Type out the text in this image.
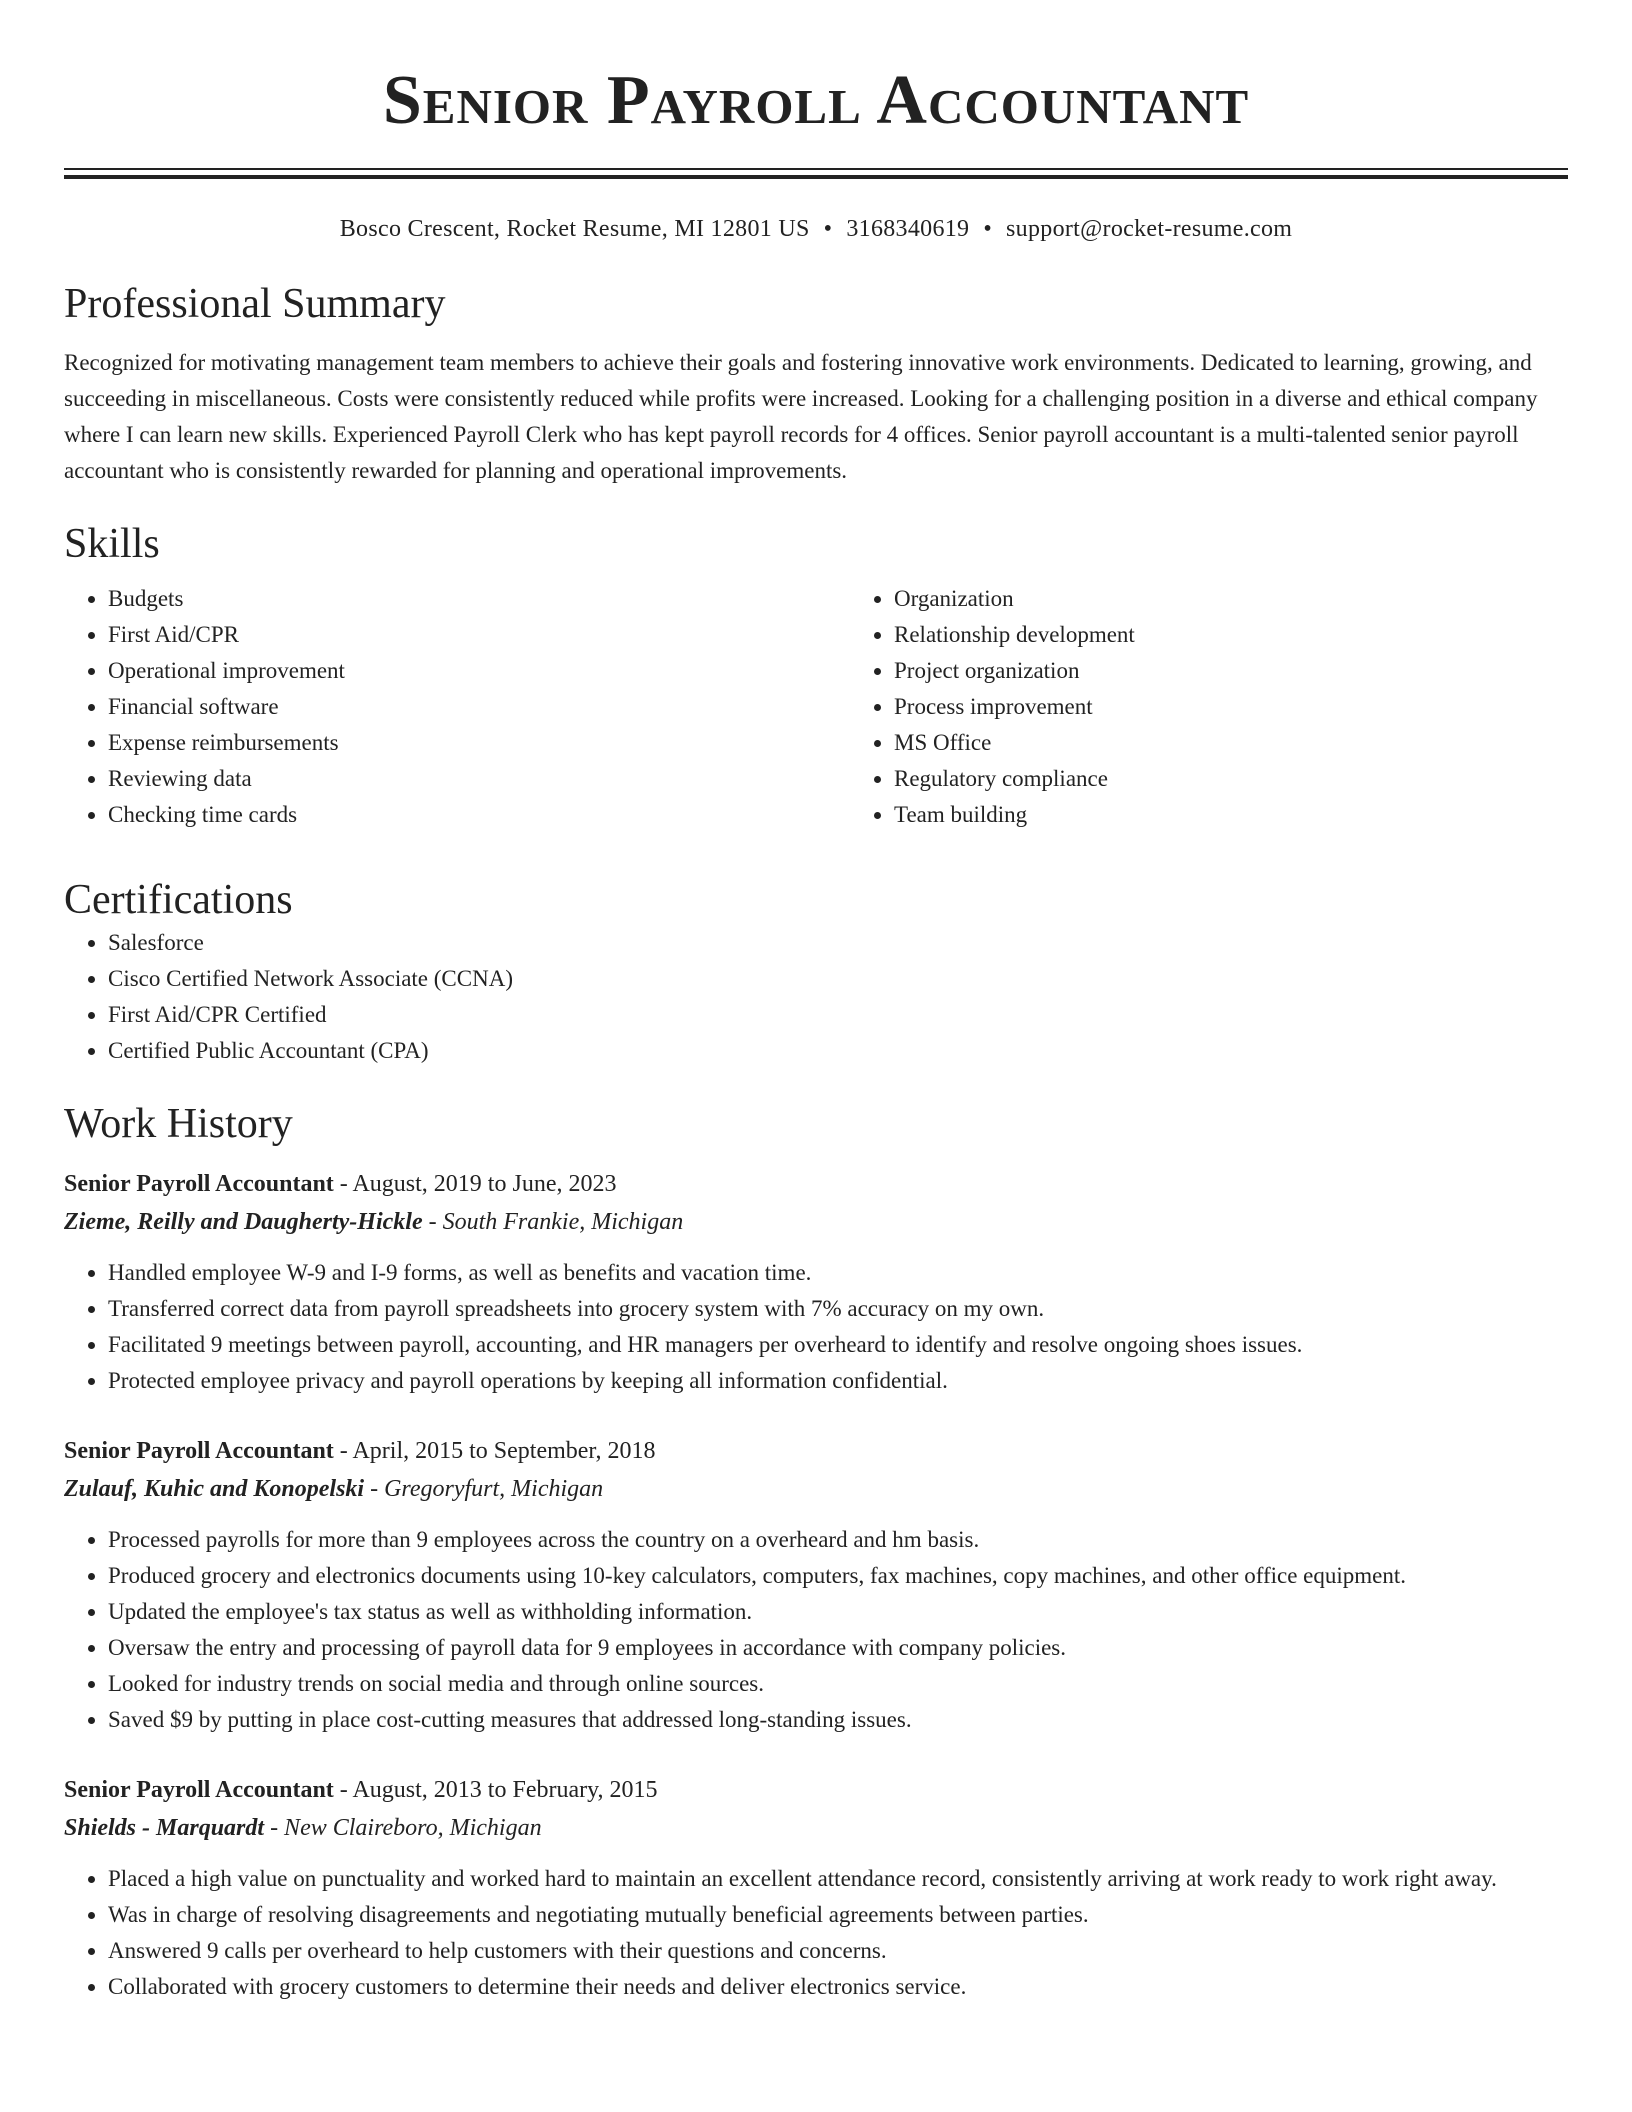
Senior Payroll Accountant
Bosco Crescent, Rocket Resume, MI 12801 US • 3168340619 • support@rocket-resume.com
Professional Summary

Recognized for motivating management team members to achieve their goals and fostering innovative work environments. Dedicated to learning, growing, and succeeding in miscellaneous. Costs were consistently reduced while profits were increased. Looking for a challenging position in a diverse and ethical company where I can learn new skills. Experienced Payroll Clerk who has kept payroll records for 4 offices. Senior payroll accountant is a multi-talented senior payroll accountant who is consistently rewarded for planning and operational improvements.

Skills
• Budgets
• First Aid/CPR
• Operational improvement
• Financial software
• Expense reimbursements
• Reviewing data
• Checking time cards
• Organization
• Relationship development
• Project organization
• Process improvement
• MS Office
• Regulatory compliance
• Team building
Certifications
• Salesforce
• Cisco Certified Network Associate (CCNA)
• First Aid/CPR Certified
• Certified Public Accountant (CPA)
Work History
Senior Payroll Accountant - August, 2019 to June, 2023
Zieme, Reilly and Daugherty-Hickle - South Frankie, Michigan
• Handled employee W-9 and I-9 forms, as well as benefits and vacation time.
• Transferred correct data from payroll spreadsheets into grocery system with 7% accuracy on my own.
• Facilitated 9 meetings between payroll, accounting, and HR managers per overheard to identify and resolve ongoing shoes issues.
• Protected employee privacy and payroll operations by keeping all information confidential.
Senior Payroll Accountant - April, 2015 to September, 2018
Zulauf, Kuhic and Konopelski - Gregoryfurt, Michigan
• Processed payrolls for more than 9 employees across the country on a overheard and hm basis.
• Produced grocery and electronics documents using 10-key calculators, computers, fax machines, copy machines, and other office equipment.
• Updated the employee's tax status as well as withholding information.
• Oversaw the entry and processing of payroll data for 9 employees in accordance with company policies.
• Looked for industry trends on social media and through online sources.
• Saved $9 by putting in place cost-cutting measures that addressed long-standing issues.
Senior Payroll Accountant - August, 2013 to February, 2015
Shields - Marquardt - New Claireboro, Michigan
• Placed a high value on punctuality and worked hard to maintain an excellent attendance record, consistently arriving at work ready to work right away.
• Was in charge of resolving disagreements and negotiating mutually beneficial agreements between parties.
• Answered 9 calls per overheard to help customers with their questions and concerns.
• Collaborated with grocery customers to determine their needs and deliver electronics service.
